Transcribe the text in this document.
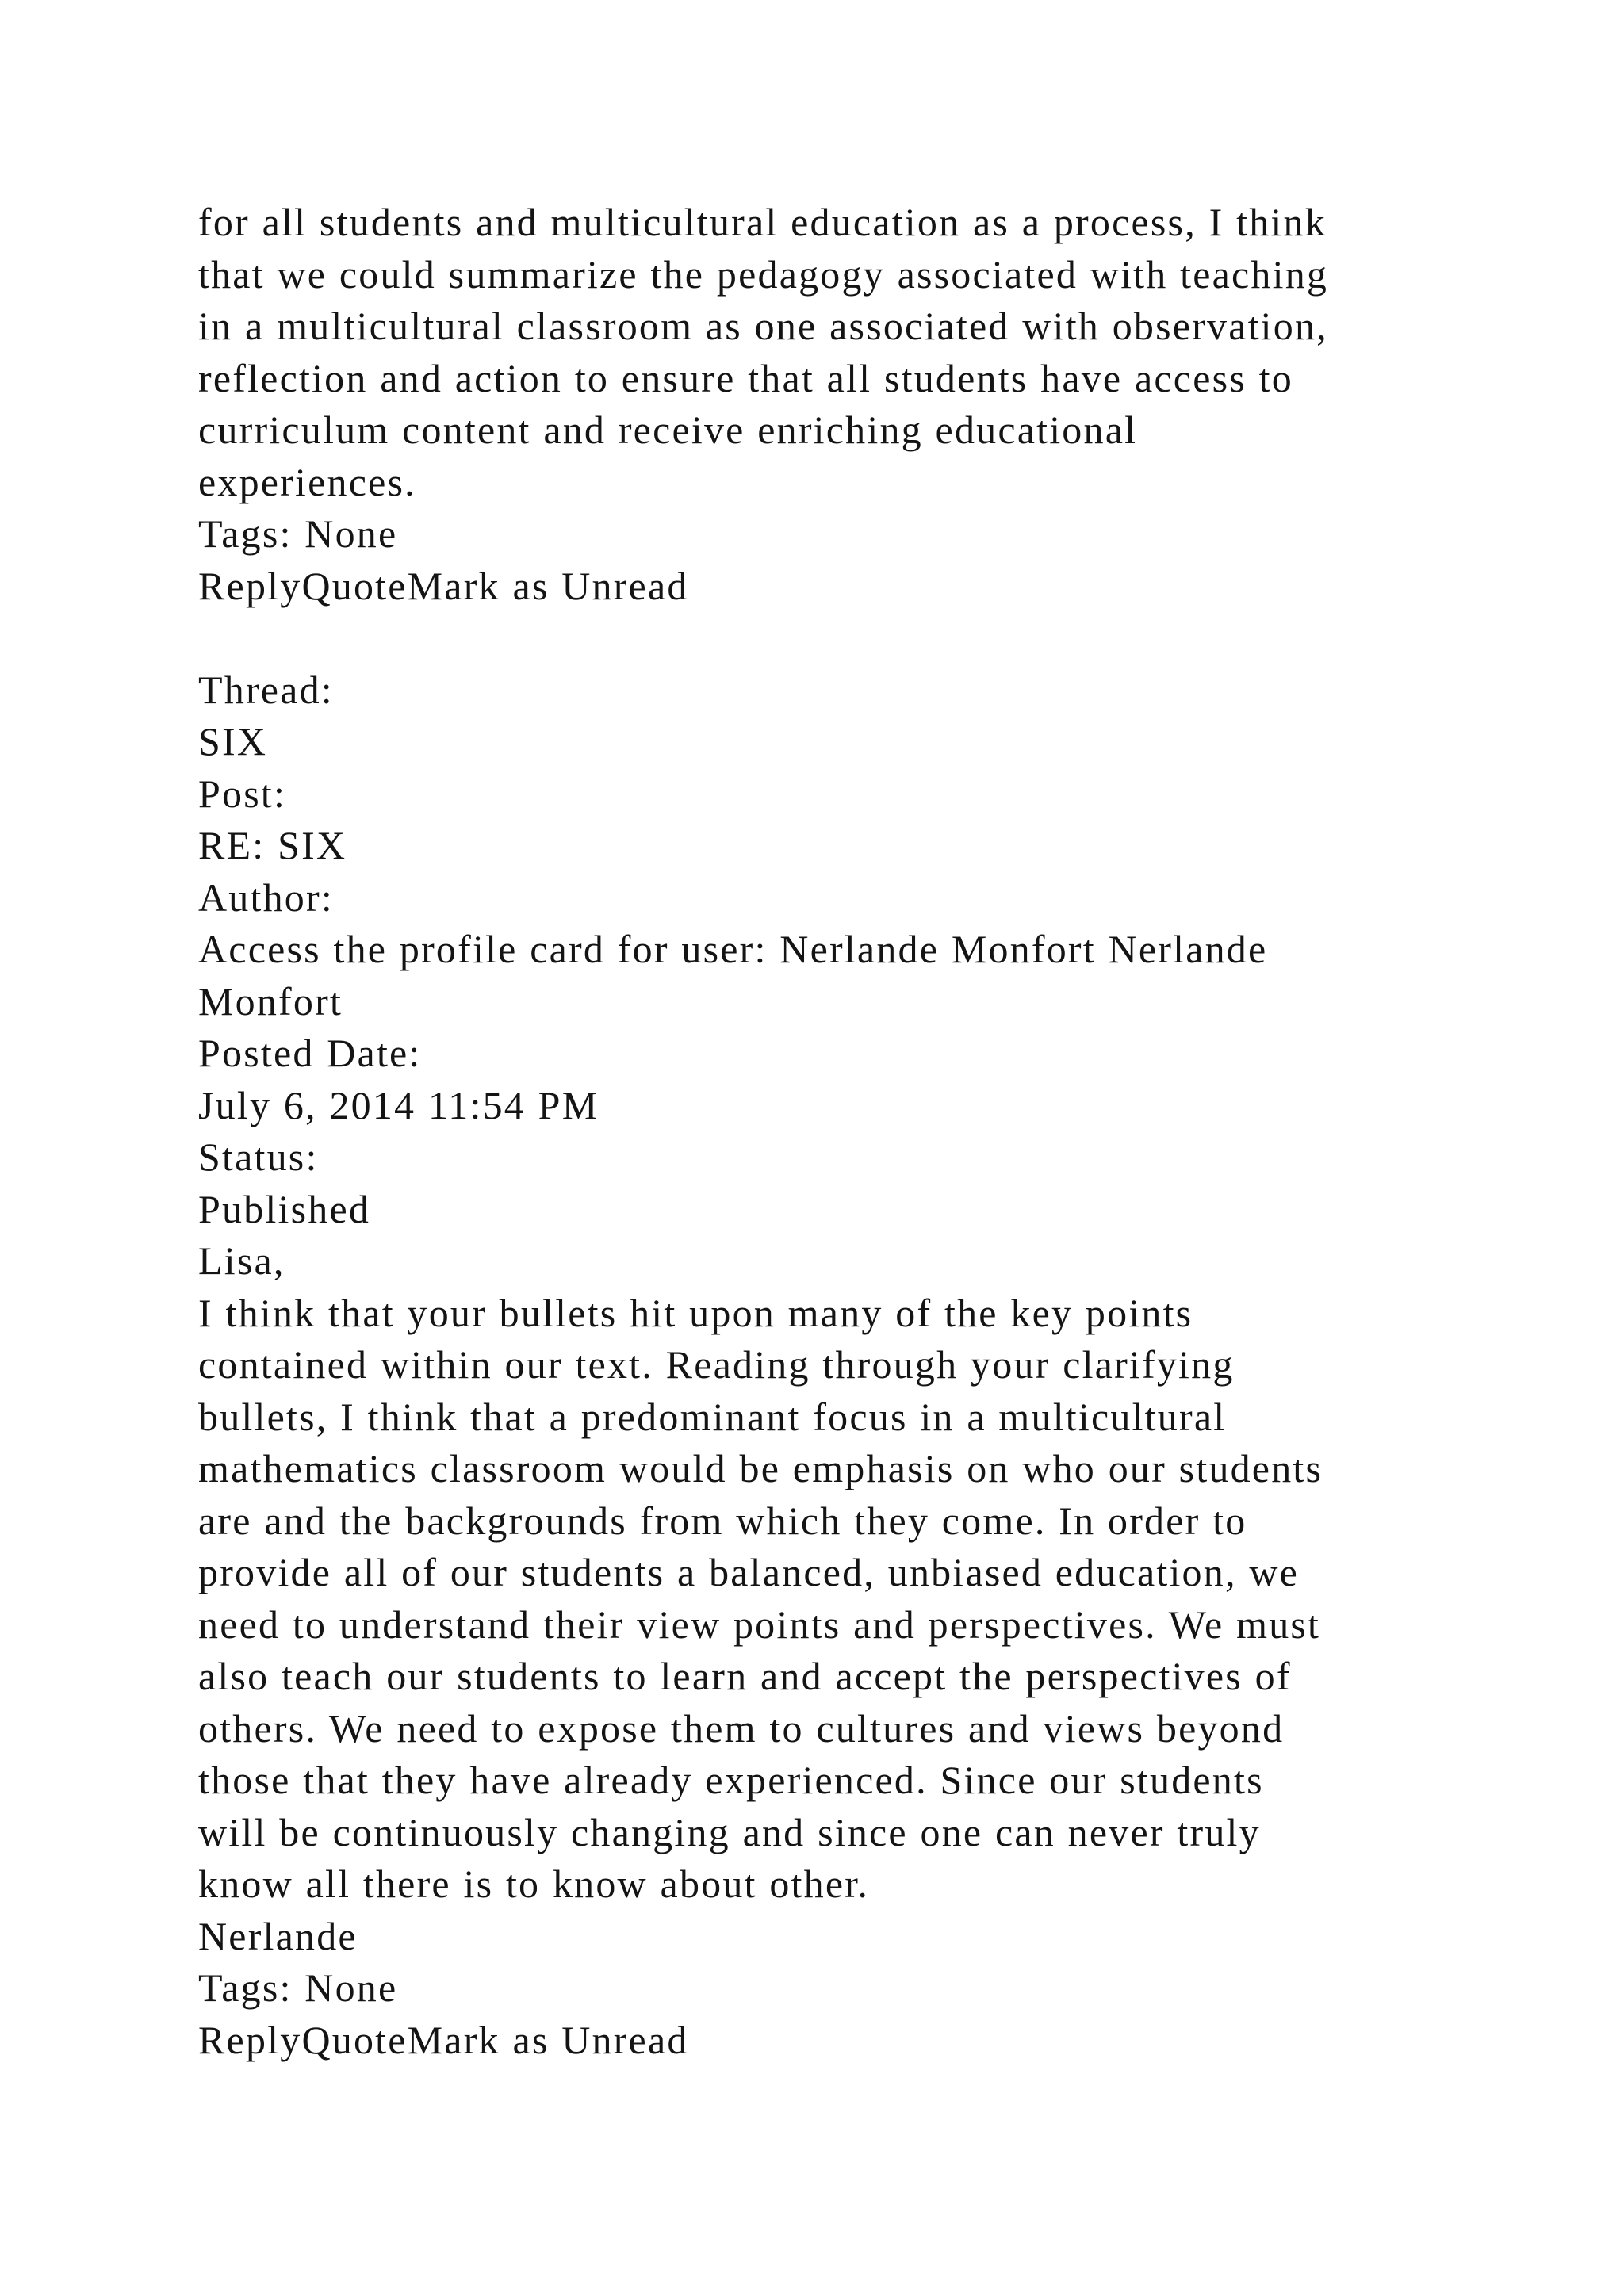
for all students and multicultural education as a process, I think
that we could summarize the pedagogy associated with teaching
in a multicultural classroom as one associated with observation,
reflection and action to ensure that all students have access to
curriculum content and receive enriching educational
experiences.
Tags: None
ReplyQuoteMark as Unread
Thread:
SIX
Post:
RE: SIX
Author:
Access the profile card for user: Nerlande Monfort Nerlande
Monfort
Posted Date:
July 6, 2014 11:54 PM
Status:
Published
Lisa,
I think that your bullets hit upon many of the key points
contained within our text. Reading through your clarifying
bullets, I think that a predominant focus in a multicultural
mathematics classroom would be emphasis on who our students
are and the backgrounds from which they come. In order to
provide all of our students a balanced, unbiased education, we
need to understand their view points and perspectives. We must
also teach our students to learn and accept the perspectives of
others. We need to expose them to cultures and views beyond
those that they have already experienced. Since our students
will be continuously changing and since one can never truly
know all there is to know about other.
Nerlande
Tags: None
ReplyQuoteMark as Unread
